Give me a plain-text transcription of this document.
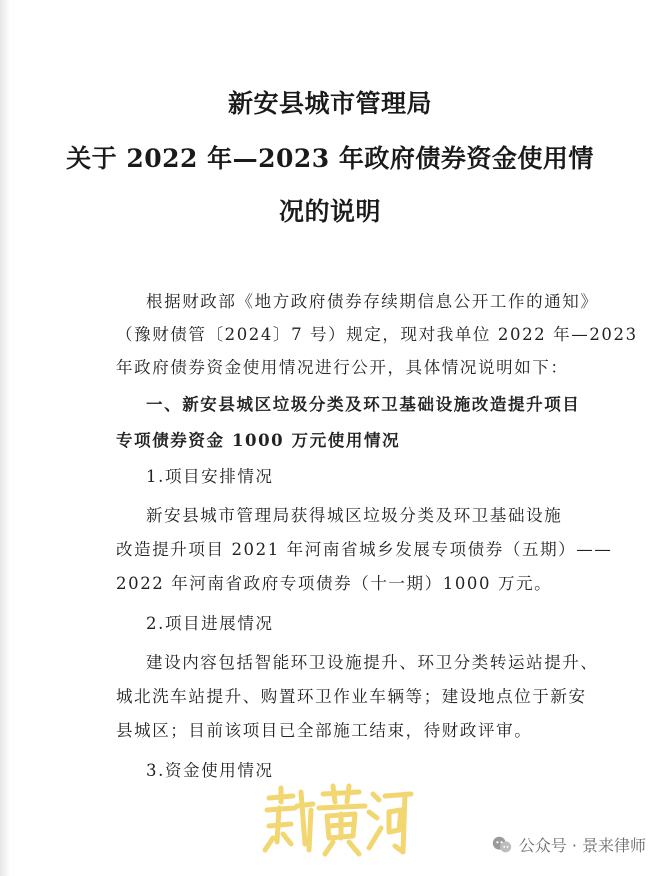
新安县城市管理局
关于 2022 年—2023 年政府债券资金使用情
况的说明
根据财政部《地方政府债券存续期信息公开工作的通知》
（豫财债管〔2024〕7 号）规定，现对我单位 2022 年—2023
年政府债券资金使用情况进行公开，具体情况说明如下：
一、新安县城区垃圾分类及环卫基础设施改造提升项目
专项债券资金 1000 万元使用情况
1.项目安排情况
新安县城市管理局获得城区垃圾分类及环卫基础设施
改造提升项目 2021 年河南省城乡发展专项债券（五期）——
2022 年河南省政府专项债券（十一期）1000 万元。
2.项目进展情况
建设内容包括智能环卫设施提升、环卫分类转运站提升、
城北洗车站提升、购置环卫作业车辆等；建设地点位于新安
县城区；目前该项目已全部施工结束，待财政评审。
3.资金使用情况
公众号 · 景来律师
